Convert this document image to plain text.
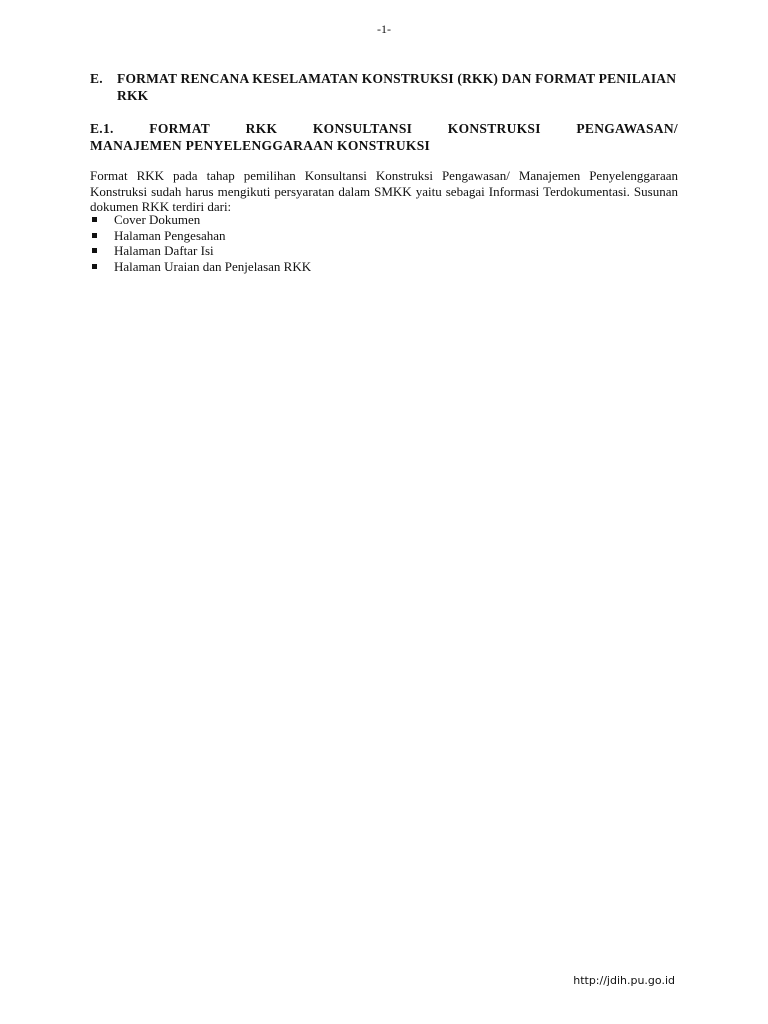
-1-
E. FORMAT RENCANA KESELAMATAN KONSTRUKSI (RKK) DAN FORMAT PENILAIAN RKK
E.1.	FORMAT	RKK	KONSULTANSI	KONSTRUKSI	PENGAWASAN/
MANAJEMEN PENYELENGGARAAN KONSTRUKSI

Format RKK pada tahap pemilihan Konsultansi Konstruksi Pengawasan/ Manajemen Penyelenggaraan Konstruksi sudah harus mengikuti persyaratan dalam SMKK yaitu sebagai Informasi Terdokumentasi. Susunan dokumen RKK terdiri dari:

Cover Dokumen
Halaman Pengesahan
Halaman Daftar Isi
Halaman Uraian dan Penjelasan RKK
http://jdih.pu.go.id
